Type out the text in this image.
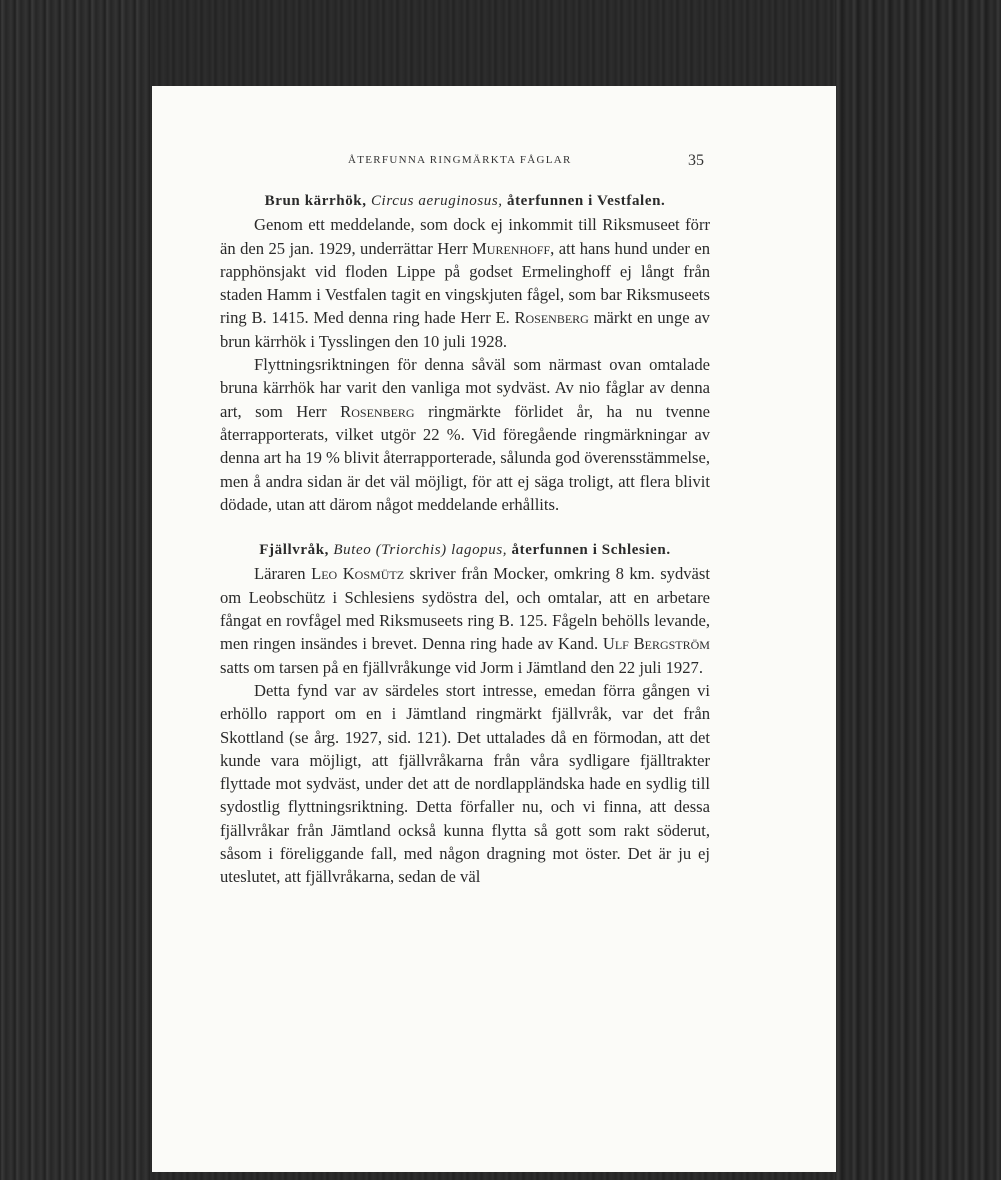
ÅTERFUNNA RINGMÄRKTA FÅGLAR	35
Brun kärrhök, Circus aeruginosus, återfunnen i Vestfalen.

Genom ett meddelande, som dock ej inkommit till Riksmuseet förr än den 25 jan. 1929, underrättar Herr Murenhoff, att hans hund under en rapphönsjakt vid floden Lippe på godset Ermelinghoff ej långt från staden Hamm i Vestfalen tagit en vingskjuten fågel, som bar Riksmuseets ring B. 1415. Med denna ring hade Herr E. Rosenberg märkt en unge av brun kärrhök i Tysslingen den 10 juli 1928.

Flyttningsriktningen för denna såväl som närmast ovan omtalade bruna kärrhök har varit den vanliga mot sydväst. Av nio fåglar av denna art, som Herr Rosenberg ringmärkte förlidet år, ha nu tvenne återrapporterats, vilket utgör 22 %. Vid föregående ringmärkningar av denna art ha 19 % blivit återrapporterade, sålunda god överensstämmelse, men å andra sidan är det väl möjligt, för att ej säga troligt, att flera blivit dödade, utan att därom något meddelande erhållits.

Fjällvråk, Buteo (Triorchis) lagopus, återfunnen i Schlesien.

Läraren Leo Kosmütz skriver från Mocker, omkring 8 km. sydväst om Leobschütz i Schlesiens sydöstra del, och omtalar, att en arbetare fångat en rovfågel med Riksmuseets ring B. 125. Fågeln behölls levande, men ringen insändes i brevet. Denna ring hade av Kand. Ulf Bergström satts om tarsen på en fjällvråkunge vid Jorm i Jämtland den 22 juli 1927.

Detta fynd var av särdeles stort intresse, emedan förra gången vi erhöllo rapport om en i Jämtland ringmärkt fjällvråk, var det från Skottland (se årg. 1927, sid. 121). Det uttalades då en förmodan, att det kunde vara möjligt, att fjällvråkarna från våra sydligare fjälltrakter flyttade mot sydväst, under det att de nordlappländska hade en sydlig till sydostlig flyttningsriktning. Detta förfaller nu, och vi finna, att dessa fjällvråkar från Jämtland också kunna flytta så gott som rakt söderut, såsom i föreliggande fall, med någon dragning mot öster. Det är ju ej uteslutet, att fjällvråkarna, sedan de väl
